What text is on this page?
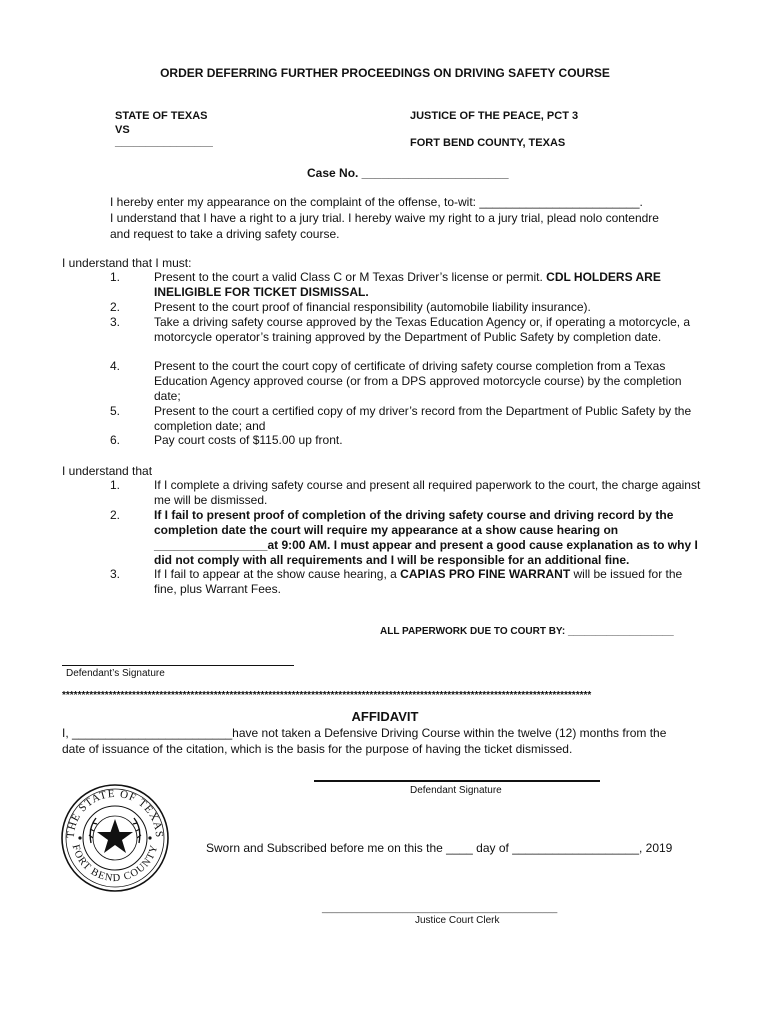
ORDER DEFERRING FURTHER PROCEEDINGS ON DRIVING SAFETY COURSE
STATE OF TEXAS
VS
________________
JUSTICE OF THE PEACE, PCT 3
FORT BEND COUNTY, TEXAS
Case No. ______________________
I hereby enter my appearance on the complaint of the offense, to-wit: ________________________.
I understand that I have a right to a jury trial. I hereby waive my right to a jury trial, plead nolo contendre
and request to take a driving safety course.
I understand that I must:
1.	Present to the court a valid Class C or M Texas Driver’s license or permit. CDL HOLDERS ARE INELIGIBLE FOR TICKET DISMISSAL.
2.	Present to the court proof of financial responsibility (automobile liability insurance).
3.	Take a driving safety course approved by the Texas Education Agency or, if operating a motorcycle, a motorcycle operator’s training approved by the Department of Public Safety by completion date.
4.	Present to the court the court copy of certificate of driving safety course completion from a Texas Education Agency approved course (or from a DPS approved motorcycle course) by the completion date;
5.	Present to the court a certified copy of my driver’s record from the Department of Public Safety by the completion date; and
6.	Pay court costs of $115.00 up front.
I understand that
1.	If I complete a driving safety course and present all required paperwork to the court, the charge against me will be dismissed.
2.	If I fail to present proof of completion of the driving safety course and driving record by the completion date the court will require my appearance at a show cause hearing on _________________at 9:00 AM. I must appear and present a good cause explanation as to why I did not comply with all requirements and I will be responsible for an additional fine.
3.	If I fail to appear at the show cause hearing, a CAPIAS PRO FINE WARRANT will be issued for the fine, plus Warrant Fees.
ALL PAPERWORK DUE TO COURT BY: ___________________
Defendant’s Signature
****************************************************************************************************************************************
AFFIDAVIT
I, ________________________have not taken a Defensive Driving Course within the twelve (12) months from the
date of issuance of the citation, which is the basis for the purpose of having the ticket dismissed.
Defendant Signature
THE STATE OF TEXAS
FORT BEND COUNTY	Sworn and Subscribed before me on this the ____ day of ___________________, 2019
_______________________________________________
Justice Court Clerk
